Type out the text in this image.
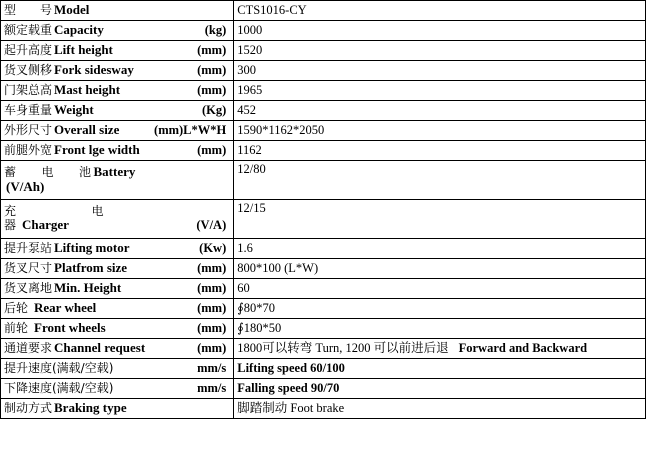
型　　号 Model	CTS1016-CY

额定载重 Capacity (kg)	1000

起升高度 Lift height (mm)	1520

货叉侧移 Fork sidesway (mm)	300

门架总高 Mast height (mm)	1965

车身重量 Weight (Kg)	452

外形尺寸 Overall size (mm)L*W*H	1590*1162*2050

前腿外宽 Front lge width (mm)	1162

蓄　　电　　池 Battery
(V/Ah)	12/80

充　　　　　　电
器 Charger (V/A)	12/15

提升泵站 Lifting motor (Kw)	1.6

货叉尺寸 Platfrom size (mm)	800*100 (L*W)

货叉离地 Min. Height (mm)	60

后轮 Rear wheel (mm)	∮80*70

前轮 Front wheels (mm)	∮180*50

通道要求 Channel request (mm)	1800可以转弯 Turn, 1200 可以前进后退 Forward and Backward

提升速度(满载/空载) mm/s	Lifting speed 60/100

下降速度(满载/空载) mm/s	Falling speed 90/70

制动方式 Braking type	脚踏制动 Foot brake
